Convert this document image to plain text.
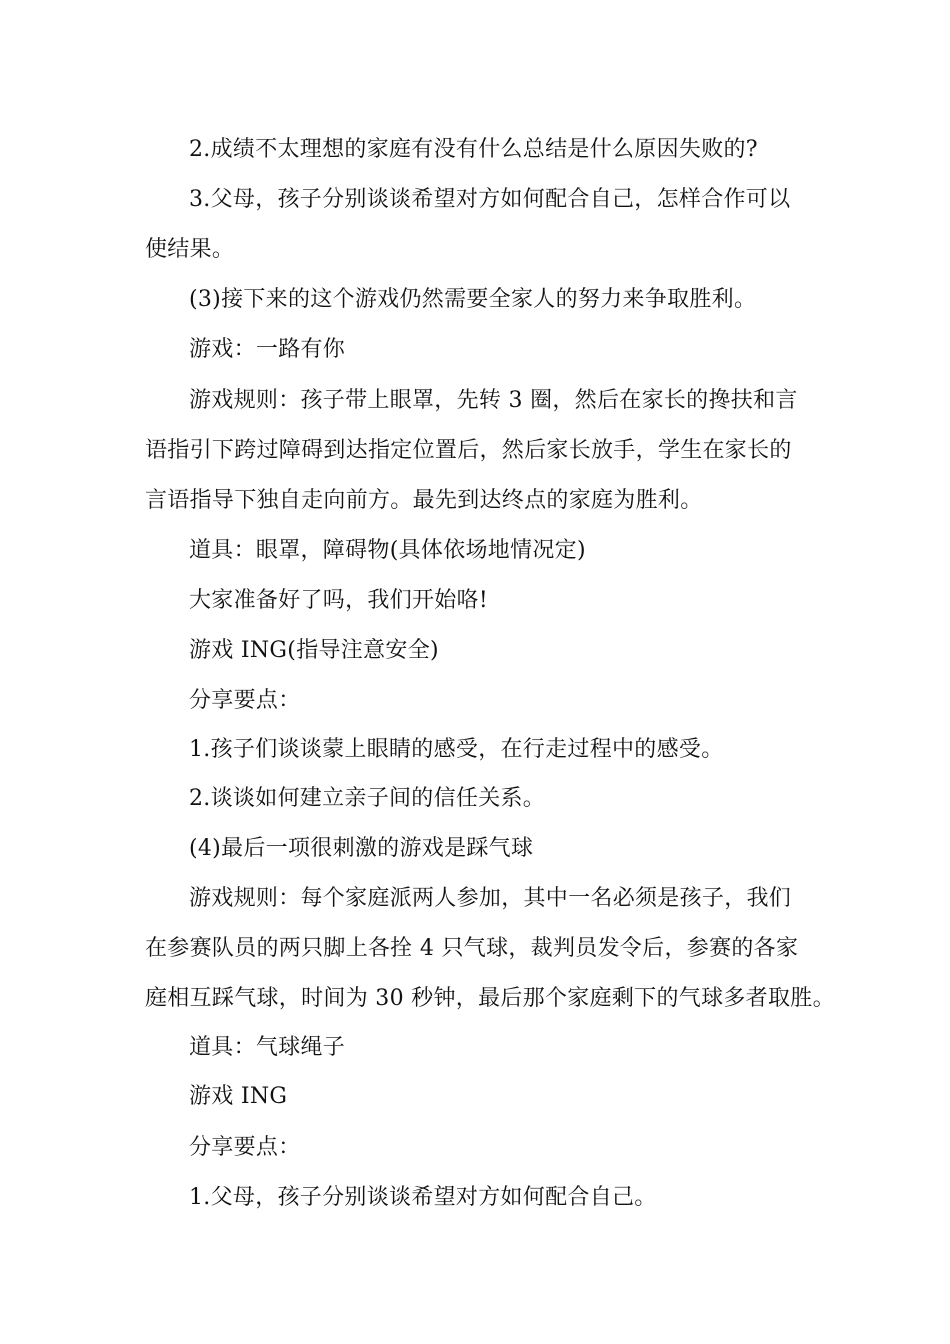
2.成绩不太理想的家庭有没有什么总结是什么原因失败的?
3.父母，孩子分别谈谈希望对方如何配合自己，怎样合作可以
使结果。
(3)接下来的这个游戏仍然需要全家人的努力来争取胜利。
游戏：一路有你
游戏规则：孩子带上眼罩，先转 3 圈，然后在家长的搀扶和言
语指引下跨过障碍到达指定位置后，然后家长放手，学生在家长的
言语指导下独自走向前方。最先到达终点的家庭为胜利。
道具：眼罩，障碍物(具体依场地情况定)
大家准备好了吗，我们开始咯!
游戏 ING(指导注意安全)
分享要点：
1.孩子们谈谈蒙上眼睛的感受，在行走过程中的感受。
2.谈谈如何建立亲子间的信任关系。
(4)最后一项很刺激的游戏是踩气球
游戏规则：每个家庭派两人参加，其中一名必须是孩子，我们
在参赛队员的两只脚上各拴 4 只气球，裁判员发令后，参赛的各家
庭相互踩气球，时间为 30 秒钟，最后那个家庭剩下的气球多者取胜。
道具：气球绳子
游戏 ING
分享要点：
1.父母，孩子分别谈谈希望对方如何配合自己。
